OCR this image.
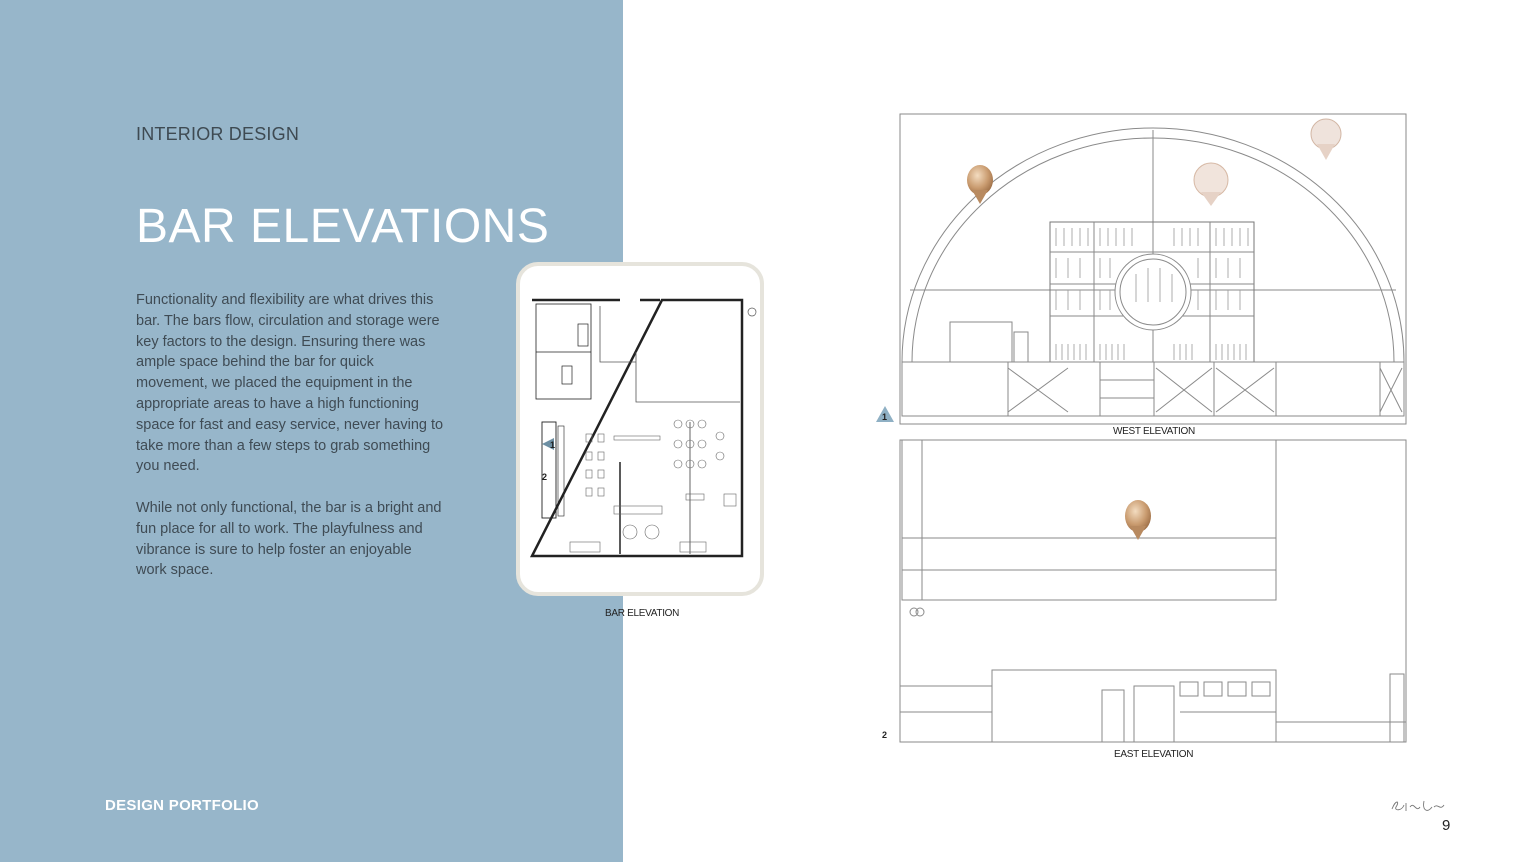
INTERIOR DESIGN
BAR ELEVATIONS

Functionality and flexibility are what drives this bar. The bars flow, circulation and storage were key factors to the design. Ensuring there was ample space behind the bar for quick movement, we placed the equipment in the appropriate areas to have a high functioning space for fast and easy service, never having to take more than a few steps to grab something you need.

While not only functional, the bar is a bright and fun place for all to work. The playfulness and vibrance is sure to help foster an enjoyable work space.

DESIGN PORTFOLIO
1
2
BAR ELEVATION
1
2
WEST ELEVATION
EAST ELEVATION
9
